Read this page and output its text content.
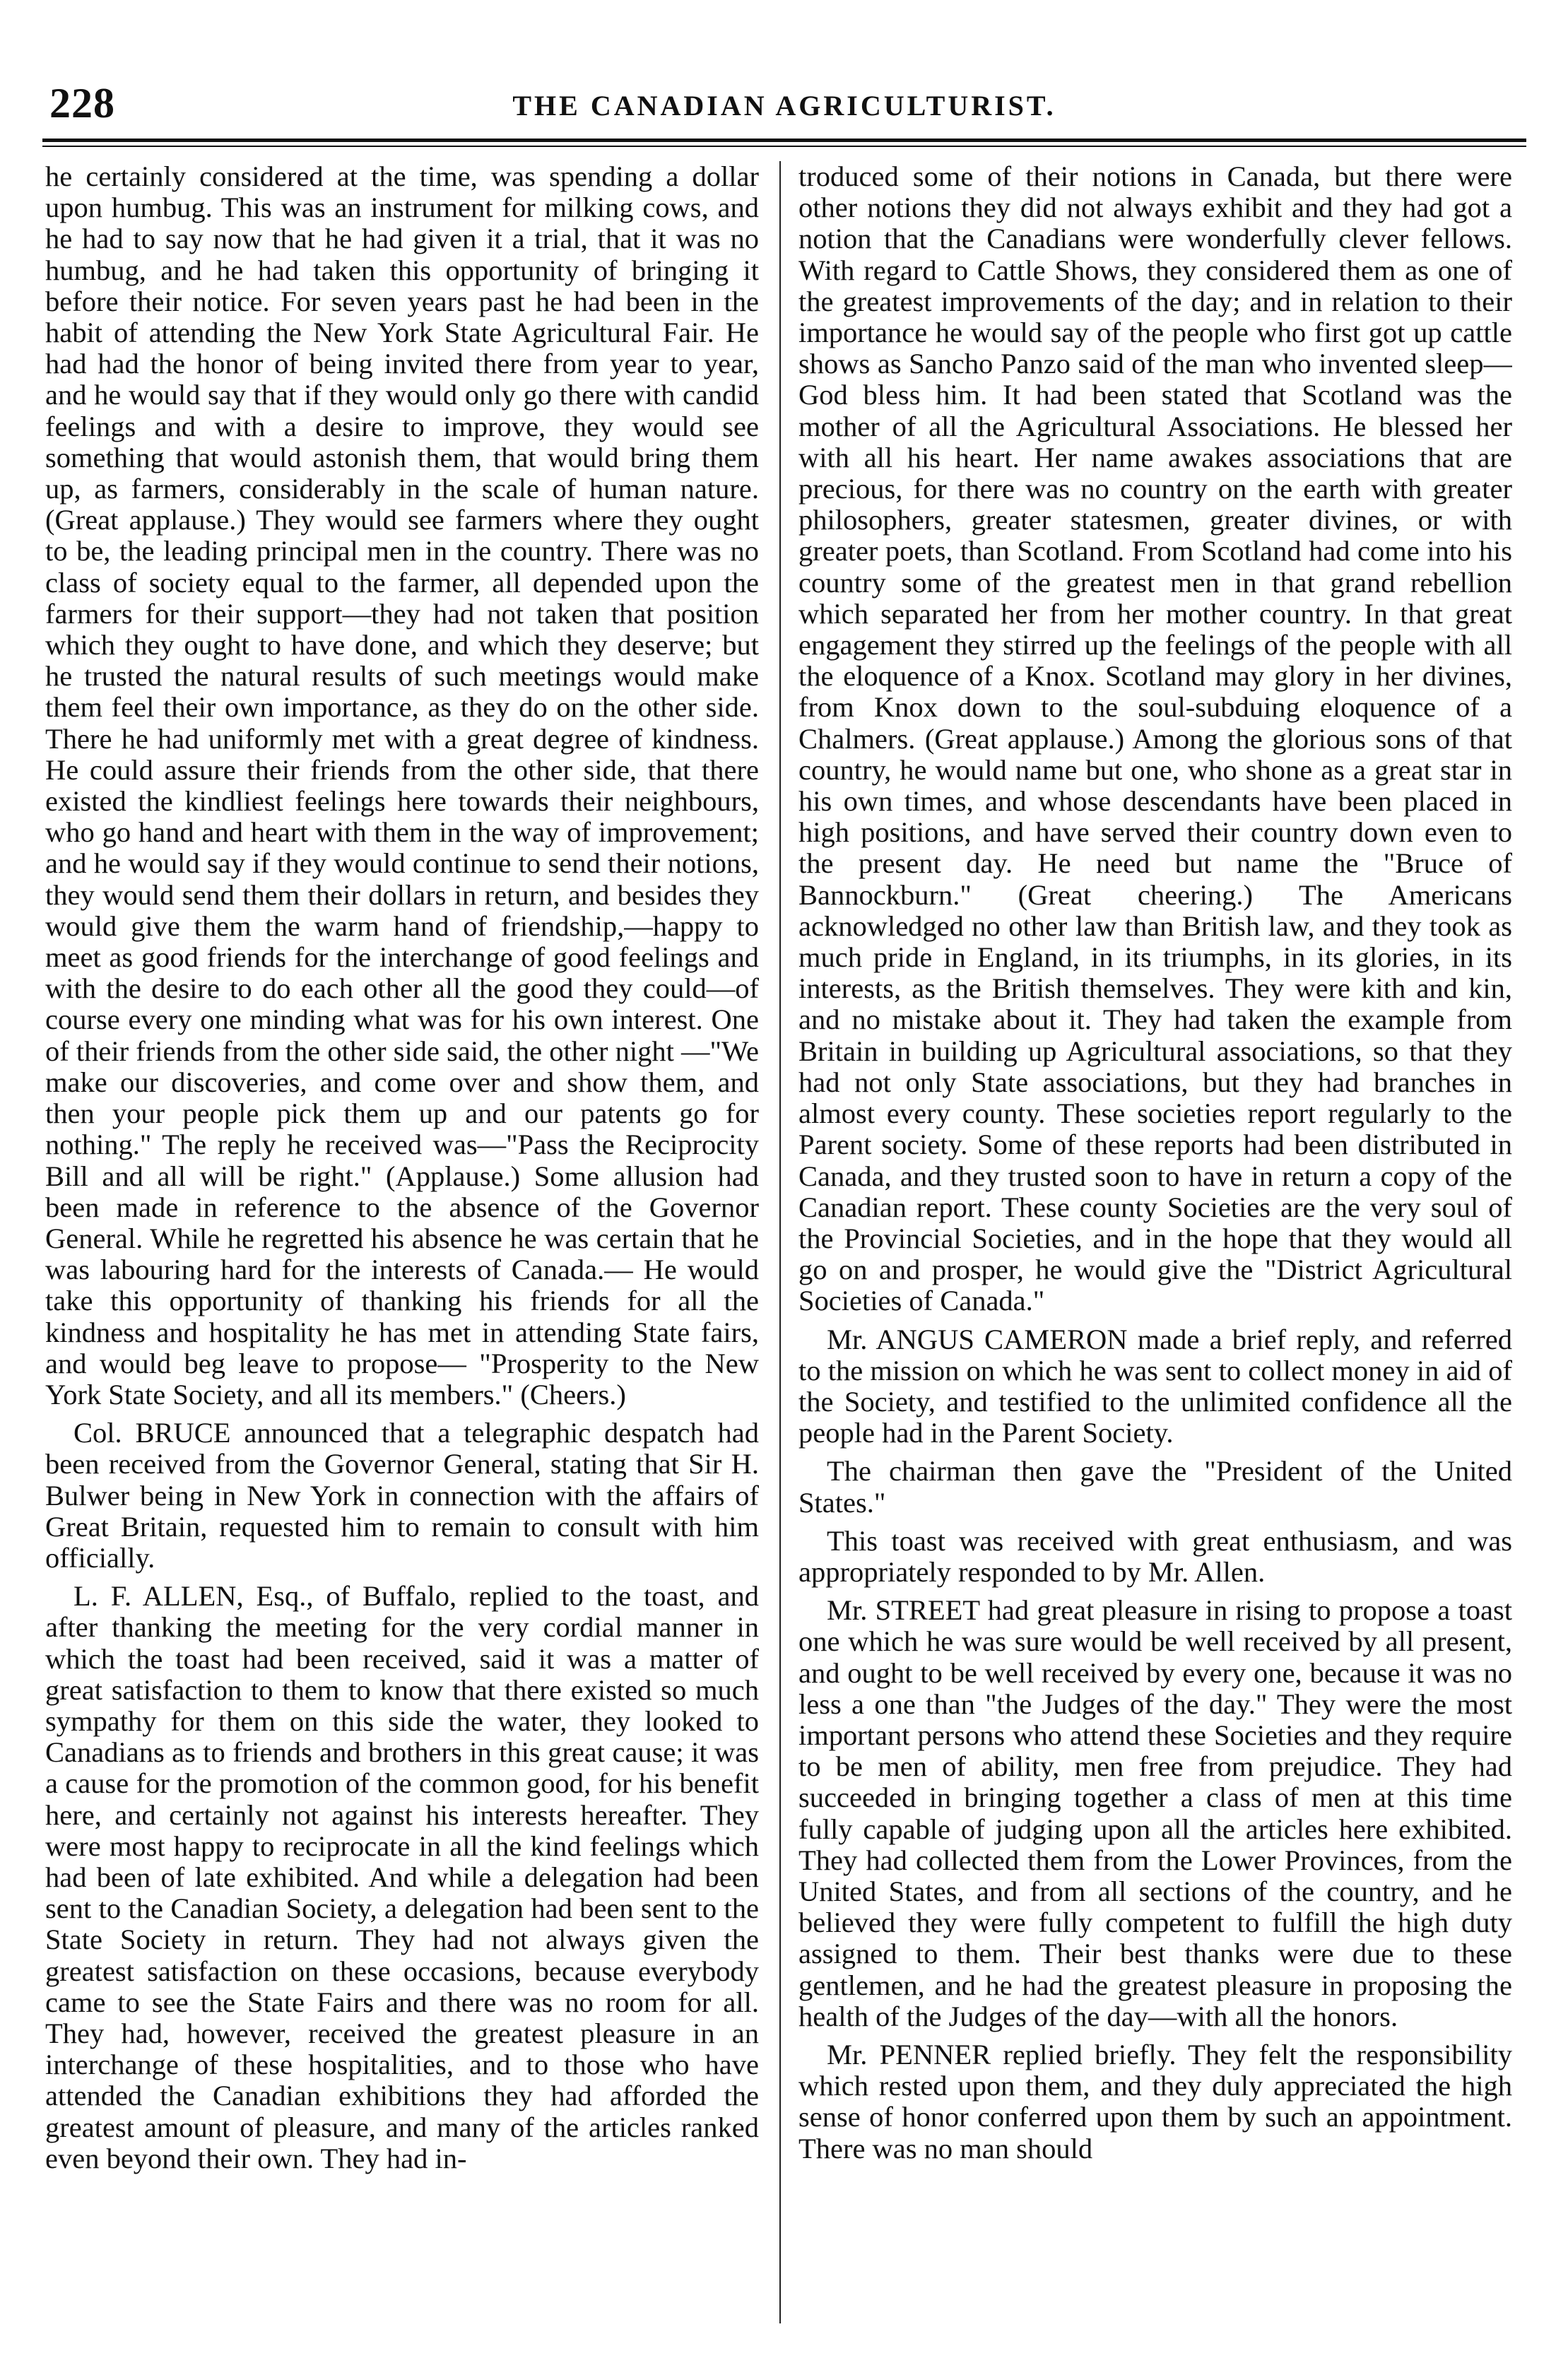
228	THE CANADIAN AGRICULTURIST.

he certainly considered at the time, was spending a dollar upon humbug. This was an instrument for milking cows, and he had to say now that he had given it a trial, that it was no humbug, and he had taken this opportunity of bringing it before their notice. For seven years past he had been in the habit of attending the New York State Agricultural Fair. He had had the honor of being invited there from year to year, and he would say that if they would only go there with candid feelings and with a desire to improve, they would see something that would astonish them, that would bring them up, as farmers, considerably in the scale of human nature. (Great applause.) They would see farmers where they ought to be, the leading principal men in the country. There was no class of society equal to the farmer, all depended upon the farmers for their support—they had not taken that position which they ought to have done, and which they deserve; but he trusted the natural results of such meetings would make them feel their own importance, as they do on the other side. There he had uniformly met with a great degree of kindness. He could assure their friends from the other side, that there existed the kindliest feelings here towards their neighbours, who go hand and heart with them in the way of improvement; and he would say if they would continue to send their notions, they would send them their dollars in return, and besides they would give them the warm hand of friendship,—happy to meet as good friends for the interchange of good feelings and with the desire to do each other all the good they could—of course every one minding what was for his own interest. One of their friends from the other side said, the other night —"We make our discoveries, and come over and show them, and then your people pick them up and our patents go for nothing." The reply he received was—"Pass the Reciprocity Bill and all will be right." (Applause.) Some allusion had been made in reference to the absence of the Governor General. While he regretted his absence he was certain that he was labouring hard for the interests of Canada.— He would take this opportunity of thanking his friends for all the kindness and hospitality he has met in attending State fairs, and would beg leave to propose— "Prosperity to the New York State Society, and all its members." (Cheers.)

Col. BRUCE announced that a telegraphic despatch had been received from the Governor General, stating that Sir H. Bulwer being in New York in connection with the affairs of Great Britain, requested him to remain to consult with him officially.

L. F. ALLEN, Esq., of Buffalo, replied to the toast, and after thanking the meeting for the very cordial manner in which the toast had been received, said it was a matter of great satisfaction to them to know that there existed so much sympathy for them on this side the water, they looked to Canadians as to friends and brothers in this great cause; it was a cause for the promotion of the common good, for his benefit here, and certainly not against his interests hereafter. They were most happy to reciprocate in all the kind feelings which had been of late exhibited. And while a delegation had been sent to the Canadian Society, a delegation had been sent to the State Society in return. They had not always given the greatest satisfaction on these occasions, because everybody came to see the State Fairs and there was no room for all. They had, however, received the greatest pleasure in an interchange of these hospitalities, and to those who have attended the Canadian exhibitions they had afforded the greatest amount of pleasure, and many of the articles ranked even beyond their own. They had in-

troduced some of their notions in Canada, but there were other notions they did not always exhibit and they had got a notion that the Canadians were wonderfully clever fellows. With regard to Cattle Shows, they considered them as one of the greatest improvements of the day; and in relation to their importance he would say of the people who first got up cattle shows as Sancho Panzo said of the man who invented sleep—God bless him. It had been stated that Scotland was the mother of all the Agricultural Associations. He blessed her with all his heart. Her name awakes associations that are precious, for there was no country on the earth with greater philosophers, greater statesmen, greater divines, or with greater poets, than Scotland. From Scotland had come into his country some of the greatest men in that grand rebellion which separated her from her mother country. In that great engagement they stirred up the feelings of the people with all the eloquence of a Knox. Scotland may glory in her divines, from Knox down to the soul-subduing eloquence of a Chalmers. (Great applause.) Among the glorious sons of that country, he would name but one, who shone as a great star in his own times, and whose descendants have been placed in high positions, and have served their country down even to the present day. He need but name the "Bruce of Bannockburn." (Great cheering.) The Americans acknowledged no other law than British law, and they took as much pride in England, in its triumphs, in its glories, in its interests, as the British themselves. They were kith and kin, and no mistake about it. They had taken the example from Britain in building up Agricultural associations, so that they had not only State associations, but they had branches in almost every county. These societies report regularly to the Parent society. Some of these reports had been distributed in Canada, and they trusted soon to have in return a copy of the Canadian report. These county Societies are the very soul of the Provincial Societies, and in the hope that they would all go on and prosper, he would give the "District Agricultural Societies of Canada."

Mr. ANGUS CAMERON made a brief reply, and referred to the mission on which he was sent to collect money in aid of the Society, and testified to the unlimited confidence all the people had in the Parent Society.

The chairman then gave the "President of the United States."

This toast was received with great enthusiasm, and was appropriately responded to by Mr. Allen.

Mr. STREET had great pleasure in rising to propose a toast one which he was sure would be well received by all present, and ought to be well received by every one, because it was no less a one than "the Judges of the day." They were the most important persons who attend these Societies and they require to be men of ability, men free from prejudice. They had succeeded in bringing together a class of men at this time fully capable of judging upon all the articles here exhibited. They had collected them from the Lower Provinces, from the United States, and from all sections of the country, and he believed they were fully competent to fulfill the high duty assigned to them. Their best thanks were due to these gentlemen, and he had the greatest pleasure in proposing the health of the Judges of the day—with all the honors.

Mr. PENNER replied briefly. They felt the responsibility which rested upon them, and they duly appreciated the high sense of honor conferred upon them by such an appointment. There was no man should
